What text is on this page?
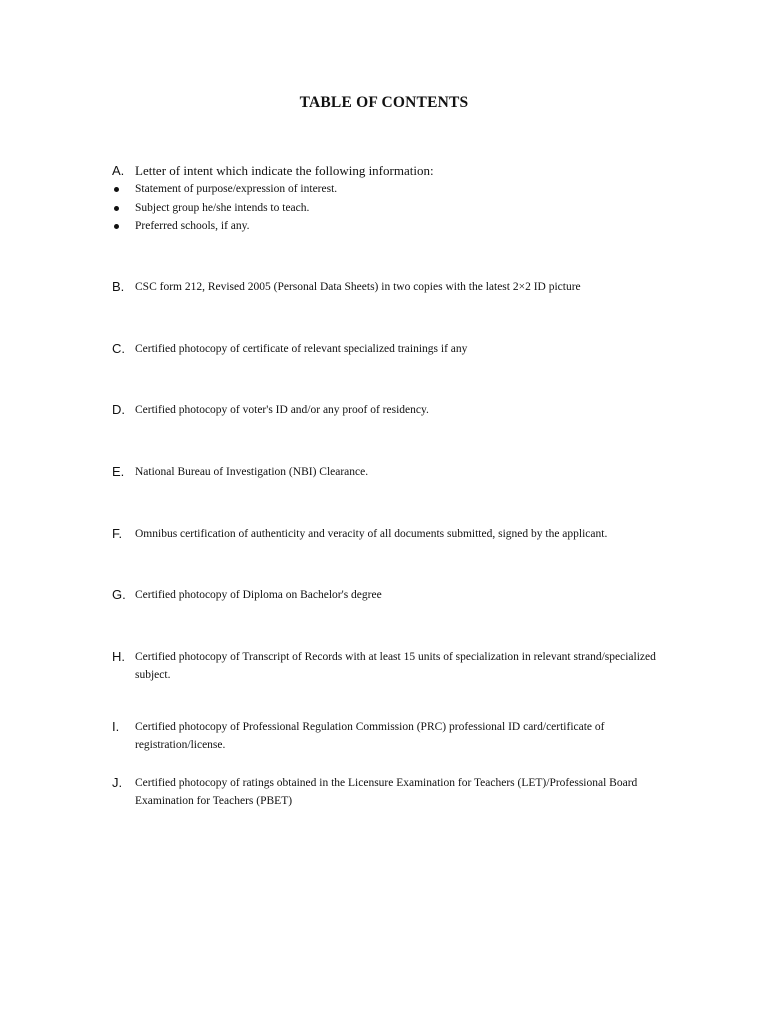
TABLE OF CONTENTS
A. Letter of intent which indicate the following information:
Statement of purpose/expression of interest.
Subject group he/she intends to teach.
Preferred schools, if any.
B. CSC form 212, Revised 2005 (Personal Data Sheets) in two copies with the latest 2×2 ID picture
C. Certified photocopy of certificate of relevant specialized trainings if any
D. Certified photocopy of voter's ID and/or any proof of residency.
E. National Bureau of Investigation (NBI) Clearance.
F. Omnibus certification of authenticity and veracity of all documents submitted, signed by the applicant.
G. Certified photocopy of Diploma on Bachelor's degree
H. Certified photocopy of Transcript of Records with at least 15 units of specialization in relevant strand/specialized subject.
I. Certified photocopy of Professional Regulation Commission (PRC) professional ID card/certificate of registration/license.
J. Certified photocopy of ratings obtained in the Licensure Examination for Teachers (LET)/Professional Board Examination for Teachers (PBET)
